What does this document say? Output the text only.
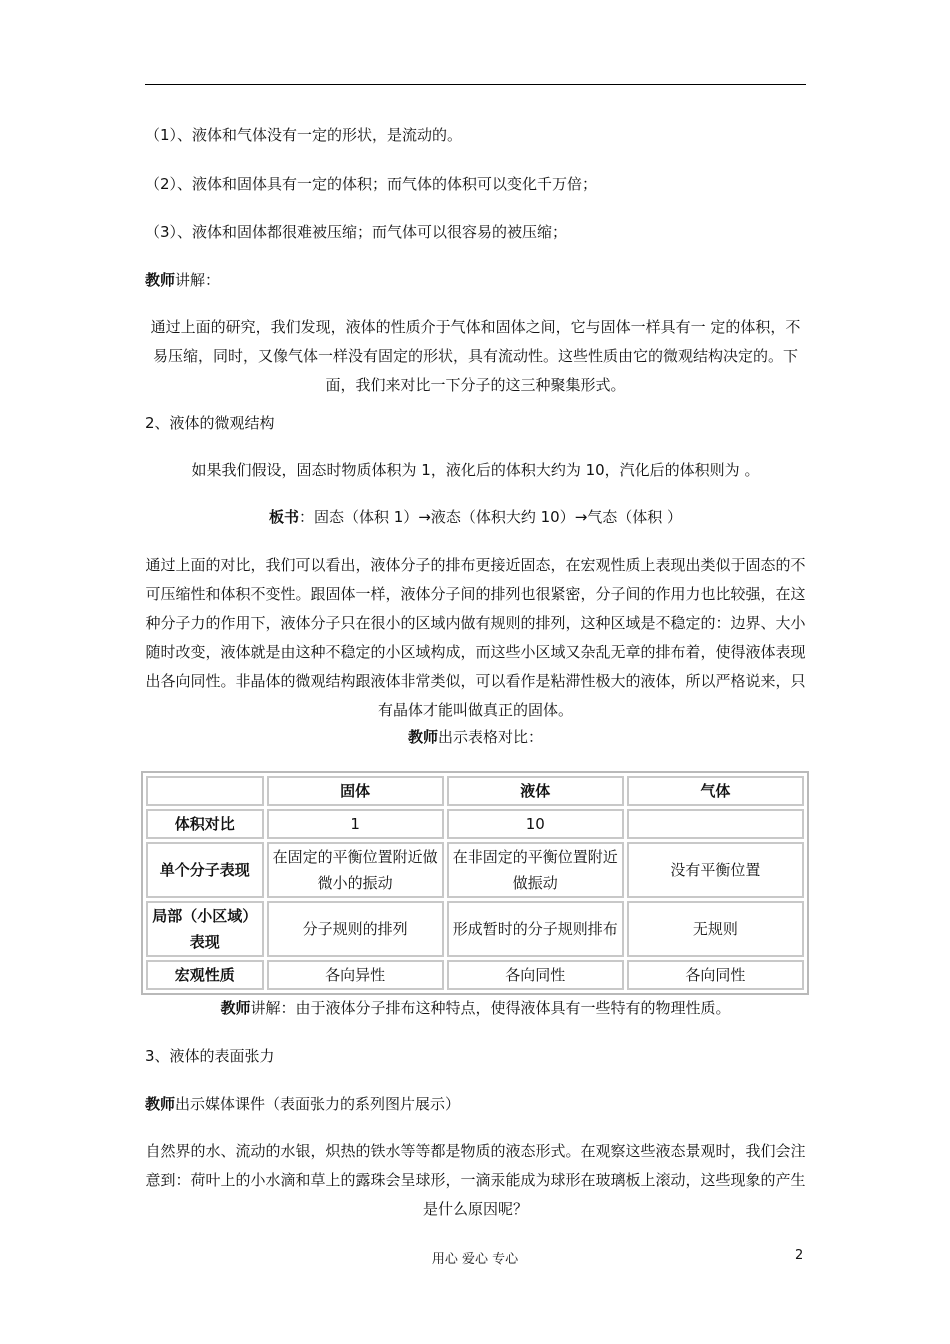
（1）、液体和气体没有一定的形状，是流动的。

（2）、液体和固体具有一定的体积；而气体的体积可以变化千万倍；

（3）、液体和固体都很难被压缩；而气体可以很容易的被压缩；

教师讲解：

通过上面的研究，我们发现，液体的性质介于气体和固体之间，它与固体一样具有一 定的体积，不易压缩，同时，又像气体一样没有固定的形状，具有流动性。这些性质由它的微观结构决定的。下面，我们来对比一下分子的这三种聚集形式。

2、液体的微观结构

如果我们假设，固态时物质体积为 1，液化后的体积大约为 10，汽化后的体积则为 。

板书：固态（体积 1）→液态（体积大约 10）→气态（体积 ）

通过上面的对比，我们可以看出，液体分子的排布更接近固态，在宏观性质上表现出类似于固态的不可压缩性和体积不变性。跟固体一样，液体分子间的排列也很紧密，分子间的作用力也比较强，在这种分子力的作用下，液体分子只在很小的区域内做有规则的排列，这种区域是不稳定的：边界、大小随时改变，液体就是由这种不稳定的小区域构成，而这些小区域又杂乱无章的排布着，使得液体表现出各向同性。非晶体的微观结构跟液体非常类似，可以看作是粘滞性极大的液体，所以严格说来，只有晶体才能叫做真正的固体。

教师出示表格对比：

	固体	液体	气体
体积对比	1	10	
单个分子表现	在固定的平衡位置附近做微小的振动	在非固定的平衡位置附近做振动	没有平衡位置
局部（小区域）表现	分子规则的排列	形成暂时的分子规则排布	无规则
宏观性质	各向异性	各向同性	各向同性

教师讲解：由于液体分子排布这种特点，使得液体具有一些特有的物理性质。

3、液体的表面张力

教师出示媒体课件（表面张力的系列图片展示）

自然界的水、流动的水银，炽热的铁水等等都是物质的液态形式。在观察这些液态景观时，我们会注意到：荷叶上的小水滴和草上的露珠会呈球形，一滴汞能成为球形在玻璃板上滚动，这些现象的产生是什么原因呢？

用心 爱心 专心	2
